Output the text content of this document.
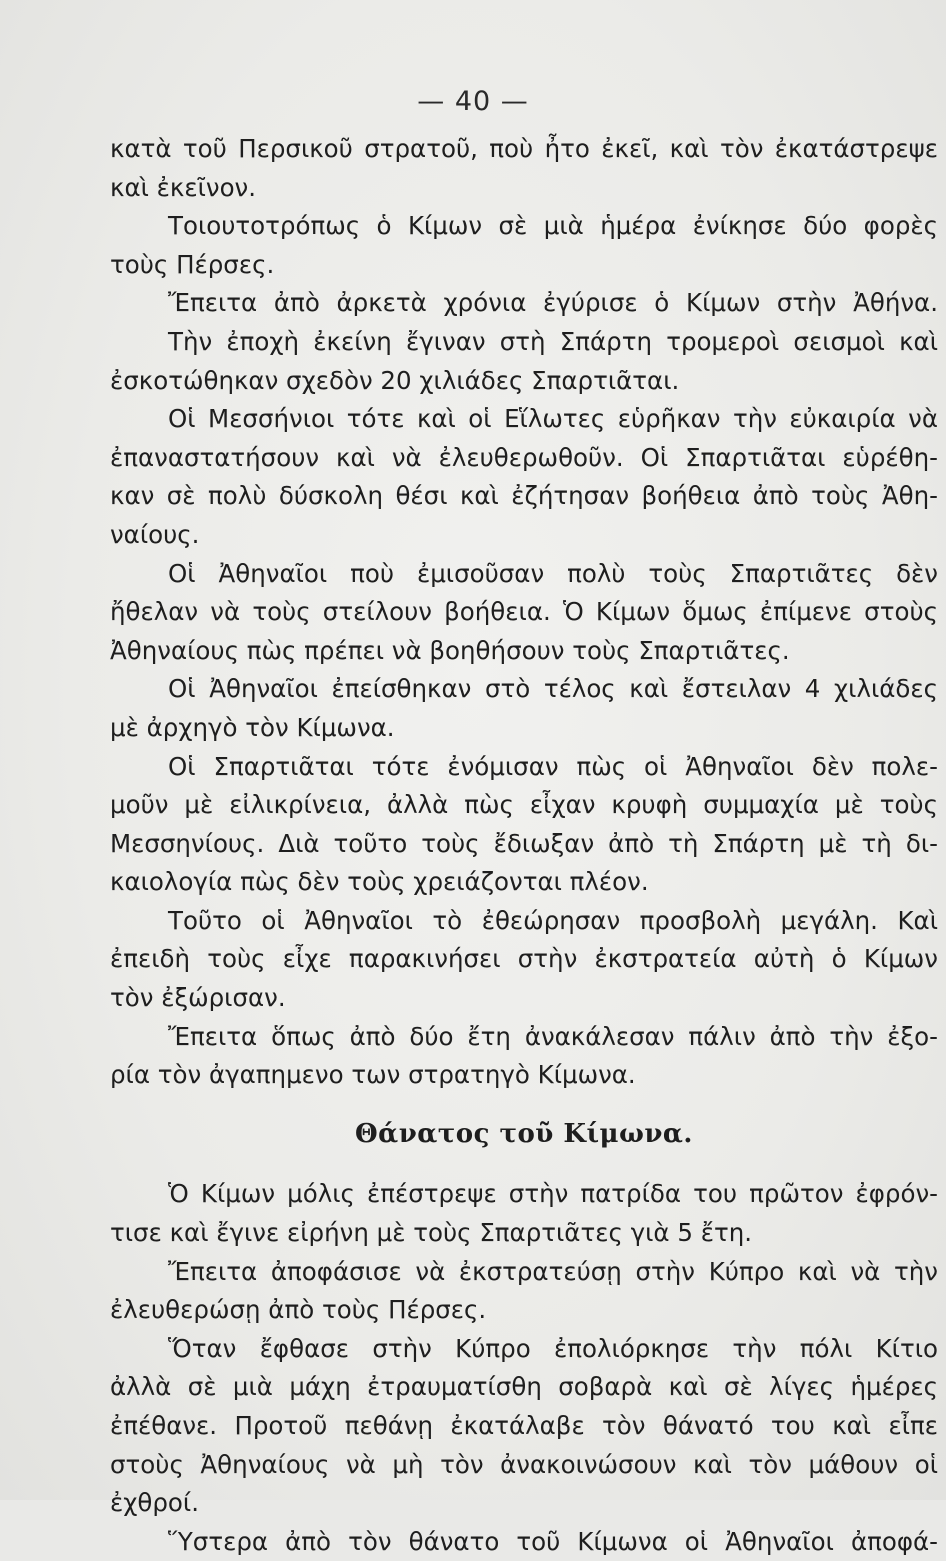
— 40 —
κατὰ τοῦ Περσικοῦ στρατοῦ, ποὺ ἦτο ἐκεῖ, καὶ τὸν ἐκατάστρεψε
καὶ ἐκεῖνον.
Τοιουτοτρόπως ὁ Κίμων σὲ μιὰ ἡμέρα ἐνίκησε δύο φορὲς
τοὺς Πέρσες.
Ἔπειτα ἀπὸ ἀρκετὰ χρόνια ἐγύρισε ὁ Κίμων στὴν Ἀθήνα.
Τὴν ἐποχὴ ἐκείνη ἔγιναν στὴ Σπάρτη τρομεροὶ σεισμοὶ καὶ
ἐσκοτώθηκαν σχεδὸν 20 χιλιάδες Σπαρτιᾶται.
Οἱ Μεσσήνιοι τότε καὶ οἱ Εἵλωτες εὑρῆκαν τὴν εὐκαιρία νὰ
ἐπαναστατήσουν καὶ νὰ ἐλευθερωθοῦν. Οἱ Σπαρτιᾶται εὑρέθη-
καν σὲ πολὺ δύσκολη θέσι καὶ ἐζήτησαν βοήθεια ἀπὸ τοὺς Ἀθη-
ναίους.
Οἱ Ἀθηναῖοι ποὺ ἐμισοῦσαν πολὺ τοὺς Σπαρτιᾶτες δὲν
ἤθελαν νὰ τοὺς στείλουν βοήθεια. Ὁ Κίμων ὅμως ἐπίμενε στοὺς
Ἀθηναίους πὼς πρέπει νὰ βοηθήσουν τοὺς Σπαρτιᾶτες.
Οἱ Ἀθηναῖοι ἐπείσθηκαν στὸ τέλος καὶ ἔστειλαν 4 χιλιάδες
μὲ ἀρχηγὸ τὸν Κίμωνα.
Οἱ Σπαρτιᾶται τότε ἐνόμισαν πὼς οἱ Ἀθηναῖοι δὲν πολε-
μοῦν μὲ εἰλικρίνεια, ἀλλὰ πὼς εἶχαν κρυφὴ συμμαχία μὲ τοὺς
Μεσσηνίους. Διὰ τοῦτο τοὺς ἔδιωξαν ἀπὸ τὴ Σπάρτη μὲ τὴ δι-
καιολογία πὼς δὲν τοὺς χρειάζονται πλέον.
Τοῦτο οἱ Ἀθηναῖοι τὸ ἐθεώρησαν προσβολὴ μεγάλη. Καὶ
ἐπειδὴ τοὺς εἶχε παρακινήσει στὴν ἐκστρατεία αὐτὴ ὁ Κίμων
τὸν ἐξώρισαν.
Ἔπειτα ὅπως ἀπὸ δύο ἔτη ἀνακάλεσαν πάλιν ἀπὸ τὴν ἐξο-
ρία τὸν ἀγαπημενο των στρατηγὸ Κίμωνα.
Θάνατος τοῦ Κίμωνα.
Ὁ Κίμων μόλις ἐπέστρεψε στὴν πατρίδα του πρῶτον ἐφρόν-
τισε καὶ ἔγινε εἰρήνη μὲ τοὺς Σπαρτιᾶτες γιὰ 5 ἔτη.
Ἔπειτα ἀποφάσισε νὰ ἐκστρατεύσῃ στὴν Κύπρο καὶ νὰ τὴν
ἐλευθερώσῃ ἀπὸ τοὺς Πέρσες.
Ὅταν ἔφθασε στὴν Κύπρο ἐπολιόρκησε τὴν πόλι Κίτιο
ἀλλὰ σὲ μιὰ μάχη ἐτραυματίσθη σοβαρὰ καὶ σὲ λίγες ἡμέρες
ἐπέθανε. Προτοῦ πεθάνῃ ἐκατάλαβε τὸν θάνατό του καὶ εἶπε
στοὺς Ἀθηναίους νὰ μὴ τὸν ἀνακοινώσουν καὶ τὸν μάθουν οἱ
ἐχθροί.
Ὕστερα ἀπὸ τὸν θάνατο τοῦ Κίμωνα οἱ Ἀθηναῖοι ἀποφά-
